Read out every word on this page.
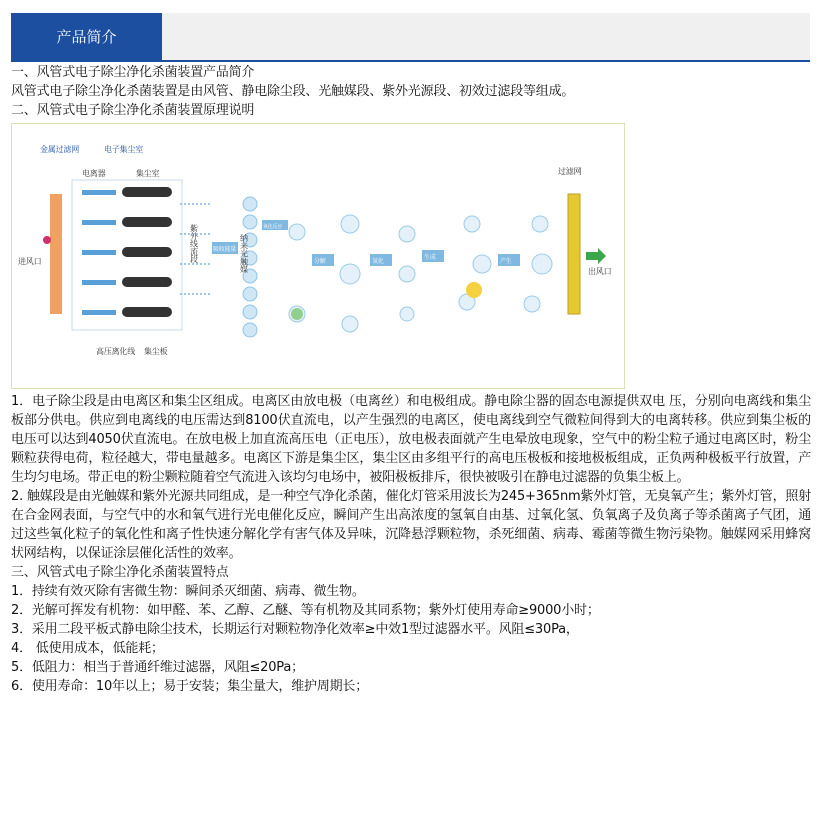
产品简介

一、风管式电子除尘净化杀菌装置产品简介

风管式电子除尘净化杀菌装置是由风管、静电除尘段、光触媒段、紫外光源段、初效过滤段等组成。

二、风管式电子除尘净化杀菌装置原理说明

金属过滤网	电子集尘室
电离器	集尘室
进风口	紫外线流段
高压离化线 集尘板
纳米光触媒
吸收能量
分解	氧化
生成
氧化反应
产生
过滤网
出风口

1．电子除尘段是由电离区和集尘区组成。电离区由放电极（电离丝）和电极组成。静电除尘器的固态电源提供双电 压，分别向电离线和集尘板部分供电。供应到电离线的电压需达到8100伏直流电，以产生强烈的电离区，使电离线到空气微粒间得到大的电离转移。供应到集尘板的电压可以达到4050伏直流电。在放电极上加直流高压电（正电压），放电极表面就产生电晕放电现象，空气中的粉尘粒子通过电离区时，粉尘颗粒获得电荷，粒径越大，带电量越多。电离区下游是集尘区，集尘区由多组平行的高电压极板和接地极板组成，正负两种极板平行放置，产生均匀电场。带正电的粉尘颗粒随着空气流进入该均匀电场中，被阳极板排斥，很快被吸引在静电过滤器的负集尘板上。

2. 触媒段是由光触媒和紫外光源共同组成，是一种空气净化杀菌，催化灯管采用波长为245+365nm紫外灯管，无臭氧产生；紫外灯管，照射在合金网表面，与空气中的水和氧气进行光电催化反应，瞬间产生出高浓度的氢氧自由基、过氧化氢、负氧离子及负离子等杀菌离子气团，通过这些氧化粒子的氧化性和离子性快速分解化学有害气体及异味，沉降悬浮颗粒物，杀死细菌、病毒、霉菌等微生物污染物。触媒网采用蜂窝状网结构，以保证涂层催化活性的效率。

三、风管式电子除尘净化杀菌装置特点

1．持续有效灭除有害微生物：瞬间杀灭细菌、病毒、微生物。

2．光解可挥发有机物：如甲醛、苯、乙醇、乙醚、等有机物及其同系物；紫外灯使用寿命≥9000小时；

3．采用二段平板式静电除尘技术，长期运行对颗粒物净化效率≥中效1型过滤器水平。风阻≤30Pa，

4． 低使用成本，低能耗；

5．低阻力：相当于普通纤维过滤器，风阻≤20Pa；

6．使用寿命：10年以上；易于安装；集尘量大，维护周期长；
